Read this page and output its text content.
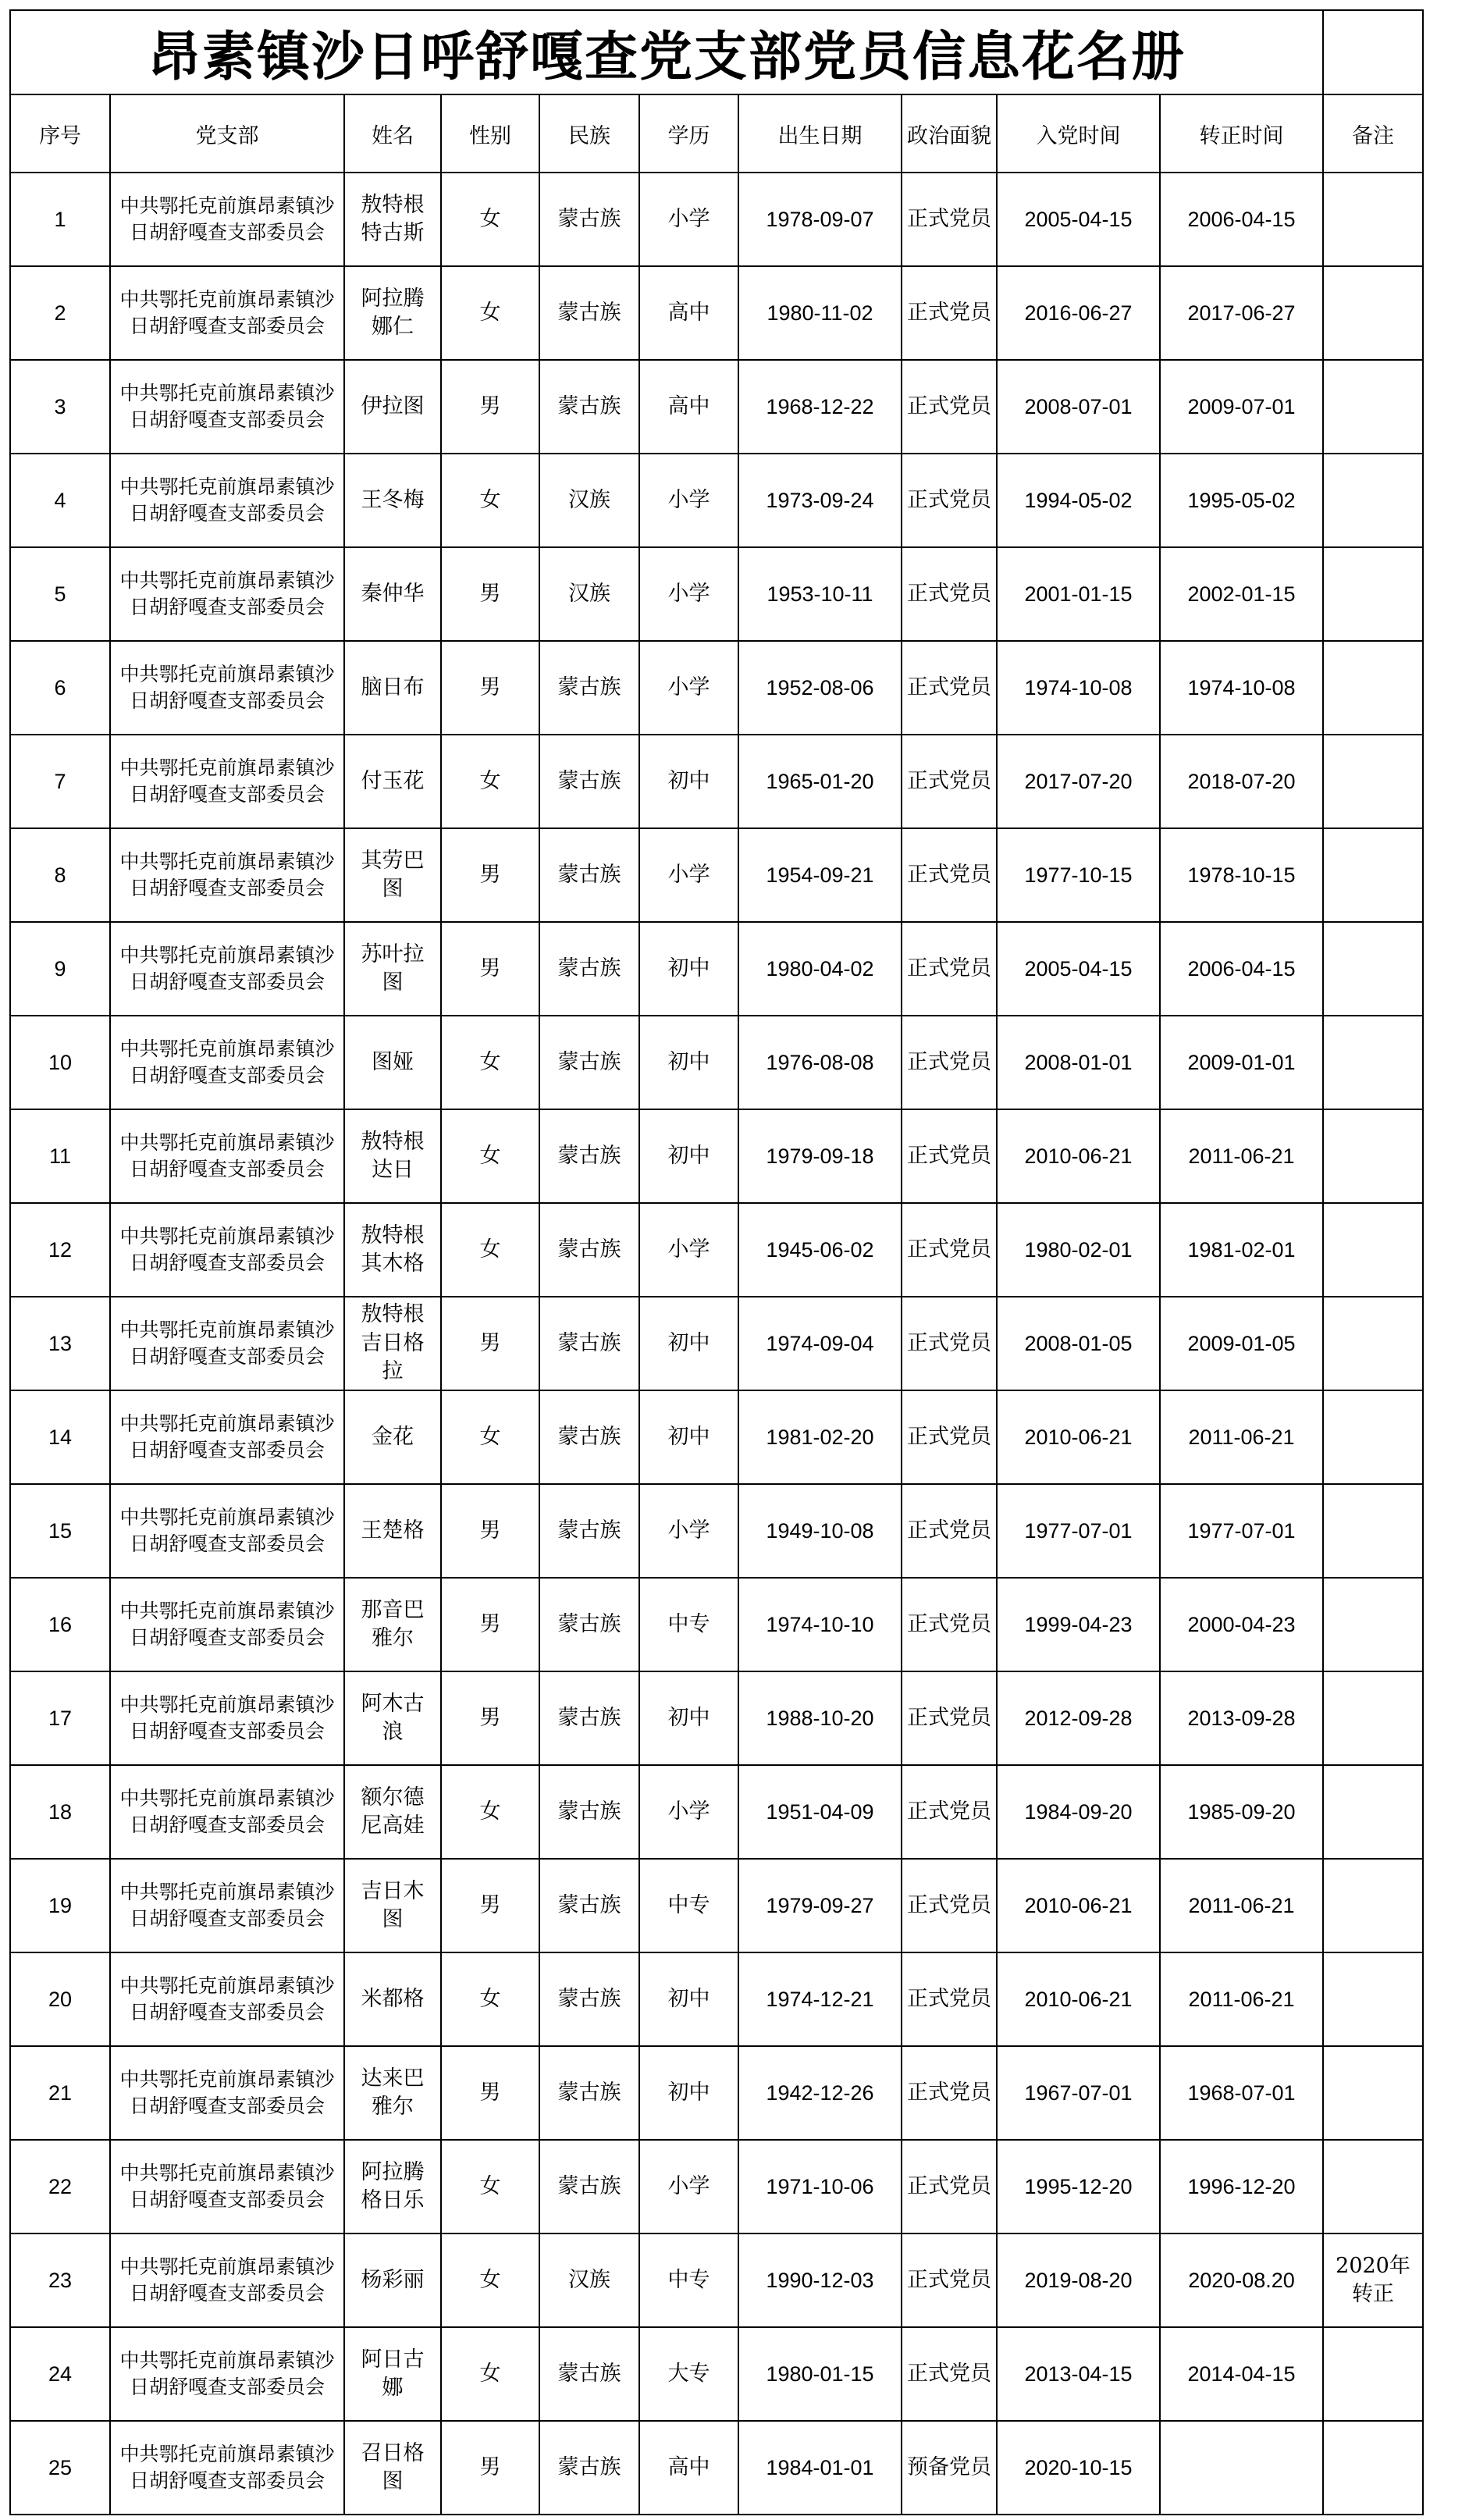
昂素镇沙日呼舒嘎查党支部党员信息花名册										
序号	党支部	姓名	性别	民族	学历	出生日期	政治面貌	入党时间	转正时间	备注
1	中共鄂托克前旗昂素镇沙日胡舒嘎查支部委员会	敖特根特古斯	女	蒙古族	小学	1978-09-07	正式党员	2005-04-15	2006-04-15	
2	中共鄂托克前旗昂素镇沙日胡舒嘎查支部委员会	阿拉腾娜仁	女	蒙古族	高中	1980-11-02	正式党员	2016-06-27	2017-06-27	
3	中共鄂托克前旗昂素镇沙日胡舒嘎查支部委员会	伊拉图	男	蒙古族	高中	1968-12-22	正式党员	2008-07-01	2009-07-01	
4	中共鄂托克前旗昂素镇沙日胡舒嘎查支部委员会	王冬梅	女	汉族	小学	1973-09-24	正式党员	1994-05-02	1995-05-02	
5	中共鄂托克前旗昂素镇沙日胡舒嘎查支部委员会	秦仲华	男	汉族	小学	1953-10-11	正式党员	2001-01-15	2002-01-15	
6	中共鄂托克前旗昂素镇沙日胡舒嘎查支部委员会	脑日布	男	蒙古族	小学	1952-08-06	正式党员	1974-10-08	1974-10-08	
7	中共鄂托克前旗昂素镇沙日胡舒嘎查支部委员会	付玉花	女	蒙古族	初中	1965-01-20	正式党员	2017-07-20	2018-07-20	
8	中共鄂托克前旗昂素镇沙日胡舒嘎查支部委员会	其劳巴图	男	蒙古族	小学	1954-09-21	正式党员	1977-10-15	1978-10-15	
9	中共鄂托克前旗昂素镇沙日胡舒嘎查支部委员会	苏叶拉图	男	蒙古族	初中	1980-04-02	正式党员	2005-04-15	2006-04-15	
10	中共鄂托克前旗昂素镇沙日胡舒嘎查支部委员会	图娅	女	蒙古族	初中	1976-08-08	正式党员	2008-01-01	2009-01-01	
11	中共鄂托克前旗昂素镇沙日胡舒嘎查支部委员会	敖特根达日	女	蒙古族	初中	1979-09-18	正式党员	2010-06-21	2011-06-21	
12	中共鄂托克前旗昂素镇沙日胡舒嘎查支部委员会	敖特根其木格	女	蒙古族	小学	1945-06-02	正式党员	1980-02-01	1981-02-01	
13	中共鄂托克前旗昂素镇沙日胡舒嘎查支部委员会	敖特根吉日格拉	男	蒙古族	初中	1974-09-04	正式党员	2008-01-05	2009-01-05	
14	中共鄂托克前旗昂素镇沙日胡舒嘎查支部委员会	金花	女	蒙古族	初中	1981-02-20	正式党员	2010-06-21	2011-06-21	
15	中共鄂托克前旗昂素镇沙日胡舒嘎查支部委员会	王楚格	男	蒙古族	小学	1949-10-08	正式党员	1977-07-01	1977-07-01	
16	中共鄂托克前旗昂素镇沙日胡舒嘎查支部委员会	那音巴雅尔	男	蒙古族	中专	1974-10-10	正式党员	1999-04-23	2000-04-23	
17	中共鄂托克前旗昂素镇沙日胡舒嘎查支部委员会	阿木古浪	男	蒙古族	初中	1988-10-20	正式党员	2012-09-28	2013-09-28	
18	中共鄂托克前旗昂素镇沙日胡舒嘎查支部委员会	额尔德尼高娃	女	蒙古族	小学	1951-04-09	正式党员	1984-09-20	1985-09-20	
19	中共鄂托克前旗昂素镇沙日胡舒嘎查支部委员会	吉日木图	男	蒙古族	中专	1979-09-27	正式党员	2010-06-21	2011-06-21	
20	中共鄂托克前旗昂素镇沙日胡舒嘎查支部委员会	米都格	女	蒙古族	初中	1974-12-21	正式党员	2010-06-21	2011-06-21	
21	中共鄂托克前旗昂素镇沙日胡舒嘎查支部委员会	达来巴雅尔	男	蒙古族	初中	1942-12-26	正式党员	1967-07-01	1968-07-01	
22	中共鄂托克前旗昂素镇沙日胡舒嘎查支部委员会	阿拉腾格日乐	女	蒙古族	小学	1971-10-06	正式党员	1995-12-20	1996-12-20	
23	中共鄂托克前旗昂素镇沙日胡舒嘎查支部委员会	杨彩丽	女	汉族	中专	1990-12-03	正式党员	2019-08-20	2020-08.20	2020年转正
24	中共鄂托克前旗昂素镇沙日胡舒嘎查支部委员会	阿日古娜	女	蒙古族	大专	1980-01-15	正式党员	2013-04-15	2014-04-15	
25	中共鄂托克前旗昂素镇沙日胡舒嘎查支部委员会	召日格图	男	蒙古族	高中	1984-01-01	预备党员	2020-10-15		
